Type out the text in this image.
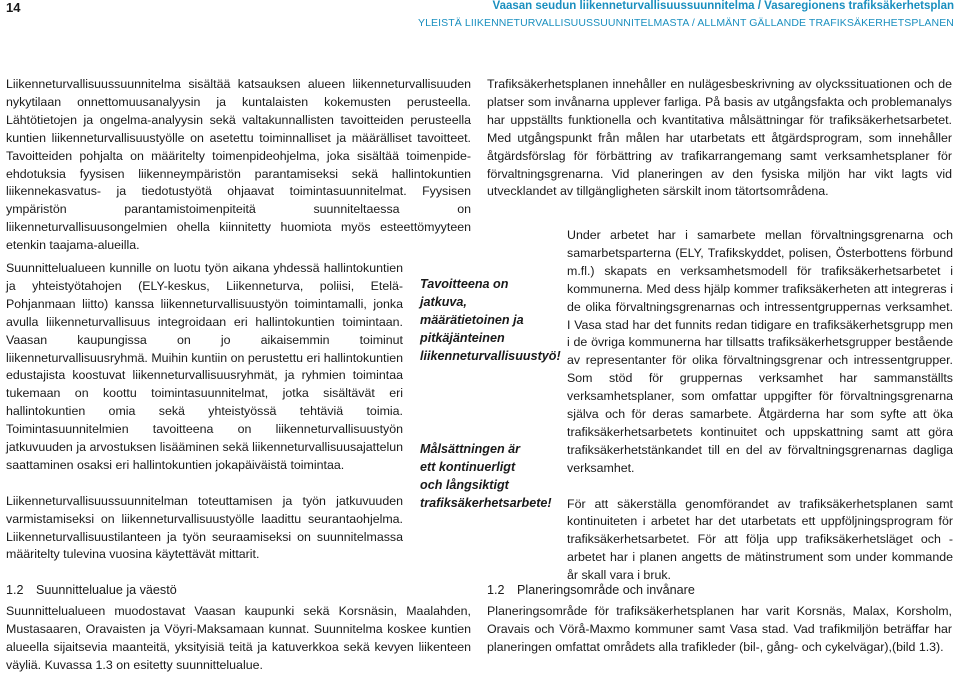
14	Vaasan seudun liikenneturvallisuussuunnitelma / Vasaregionens trafiksäkerhetsplan
YLEISTÄ LIIKENNETURVALLISUUSSUUNNITELMASTA / ALLMÄNT GÄLLANDE TRAFIKSÄKERHETSPLANEN

Liikenneturvallisuussuunnitelma sisältää katsauksen alueen liikenneturvallisuuden nykytilaan onnettomuusanalyysin ja kuntalaisten kokemusten perusteella. Lähtötietojen ja ongelma-analyysin sekä valtakunnallisten tavoitteiden perusteella kuntien liikenneturvallisuustyölle on asetettu toiminnalliset ja määrälliset tavoitteet. Tavoitteiden pohjalta on määritelty toimenpideohjelma, joka sisältää toimenpide-ehdotuksia fyysisen liikenneympäristön parantamiseksi sekä hallintokuntien liikennekasvatus- ja tiedotustyötä ohjaavat toimintasuunnitelmat. Fyysisen ympäristön parantamistoimenpiteitä suunniteltaessa on liikenneturvallisuusongelmien ohella kiinnitetty huomiota myös esteettömyyteen etenkin taajama-alueilla.

Suunnittelualueen kunnille on luotu työn aikana yhdessä hallintokuntien ja yhteistyötahojen (ELY-keskus, Liikenneturva, poliisi, Etelä-Pohjanmaan liitto) kanssa liikenneturvallisuustyön toimintamalli, jonka avulla liikenneturvallisuus integroidaan eri hallintokuntien toimintaan. Vaasan kaupungissa on jo aikaisemmin toiminut liikenneturvallisuusryhmä. Muihin kuntiin on perustettu eri hallintokuntien edustajista koostuvat liikenneturvallisuusryhmät, ja ryhmien toimintaa tukemaan on koottu toimintasuunnitelmat, jotka sisältävät eri hallintokuntien omia sekä yhteistyössä tehtäviä toimia. Toimintasuunnitelmien tavoitteena on liikenneturvallisuustyön jatkuvuuden ja arvostuksen lisääminen sekä liikenneturvallisuusajattelun saattaminen osaksi eri hallintokuntien jokapäiväistä toimintaa.

Liikenneturvallisuussuunnitelman toteuttamisen ja työn jatkuvuuden varmistamiseksi on liikenneturvallisuustyölle laadittu seurantaohjelma. Liikenneturvallisuustilanteen ja työn seuraamiseksi on suunnitelmassa määritelty tulevina vuosina käytettävät mittarit.

Tavoitteena on jatkuva, määrätietoinen ja pitkäjänteinen liikenneturvallisuustyö!
Målsättningen är ett kontinuerligt och långsiktigt trafiksäkerhetsarbete!

Trafiksäkerhetsplanen innehåller en nulägesbeskrivning av olyckssituationen och de platser som invånarna upplever farliga. På basis av utgångsfakta och problemanalys har uppställts funktionella och kvantitativa målsättningar för trafiksäkerhetsarbetet. Med utgångspunkt från målen har utarbetats ett åtgärdsprogram, som innehåller åtgärdsförslag för förbättring av trafikarrangemang samt verksamhetsplaner för förvaltningsgrenarna. Vid planeringen av den fysiska miljön har vikt lagts vid utvecklandet av tillgängligheten särskilt inom tätortsområdena.

Under arbetet har i samarbete mellan förvaltningsgrenarna och samarbetsparterna (ELY, Trafikskyddet, polisen, Österbottens förbund m.fl.) skapats en verksamhetsmodell för trafiksäkerhetsarbetet i kommunerna. Med dess hjälp kommer trafiksäkerheten att integreras i de olika förvaltningsgrenarnas och intressentgruppernas verksamhet. I Vasa stad har det funnits redan tidigare en trafiksäkerhetsgrupp men i de övriga kommunerna har tillsatts trafiksäkerhetsgrupper bestående av representanter för olika förvaltningsgrenar och intressentgrupper. Som stöd för gruppernas verksamhet har sammanställts verksamhetsplaner, som omfattar uppgifter för förvaltningsgrenarna själva och för deras samarbete. Åtgärderna har som syfte att öka trafiksäkerhetsarbetets kontinuitet och uppskattning samt att göra trafiksäkerhetstänkandet till en del av förvaltningsgrenarnas dagliga verksamhet.

För att säkerställa genomförandet av trafiksäkerhetsplanen samt kontinuiteten i arbetet har det utarbetats ett uppföljningsprogram för trafiksäkerhetsarbetet. För att följa upp trafiksäkerhetsläget och -arbetet har i planen angetts de mätinstrument som under kommande år skall vara i bruk.

1.2 Suunnittelualue ja väestö

Suunnittelualueen muodostavat Vaasan kaupunki sekä Korsnäsin, Maalahden, Mustasaaren, Oravaisten ja Vöyri-Maksamaan kunnat. Suunnitelma koskee kuntien alueella sijaitsevia maanteitä, yksityisiä teitä ja katuverkkoa sekä kevyen liikenteen väyliä. Kuvassa 1.3 on esitetty suunnittelualue.

1.2 Planeringsområde och invånare

Planeringsområde för trafiksäkerhetsplanen har varit Korsnäs, Malax, Korsholm, Oravais och Vörå-Maxmo kommuner samt Vasa stad. Vad trafikmiljön beträffar har planeringen omfattat områdets alla trafikleder (bil-, gång- och cykelvägar),(bild 1.3).
